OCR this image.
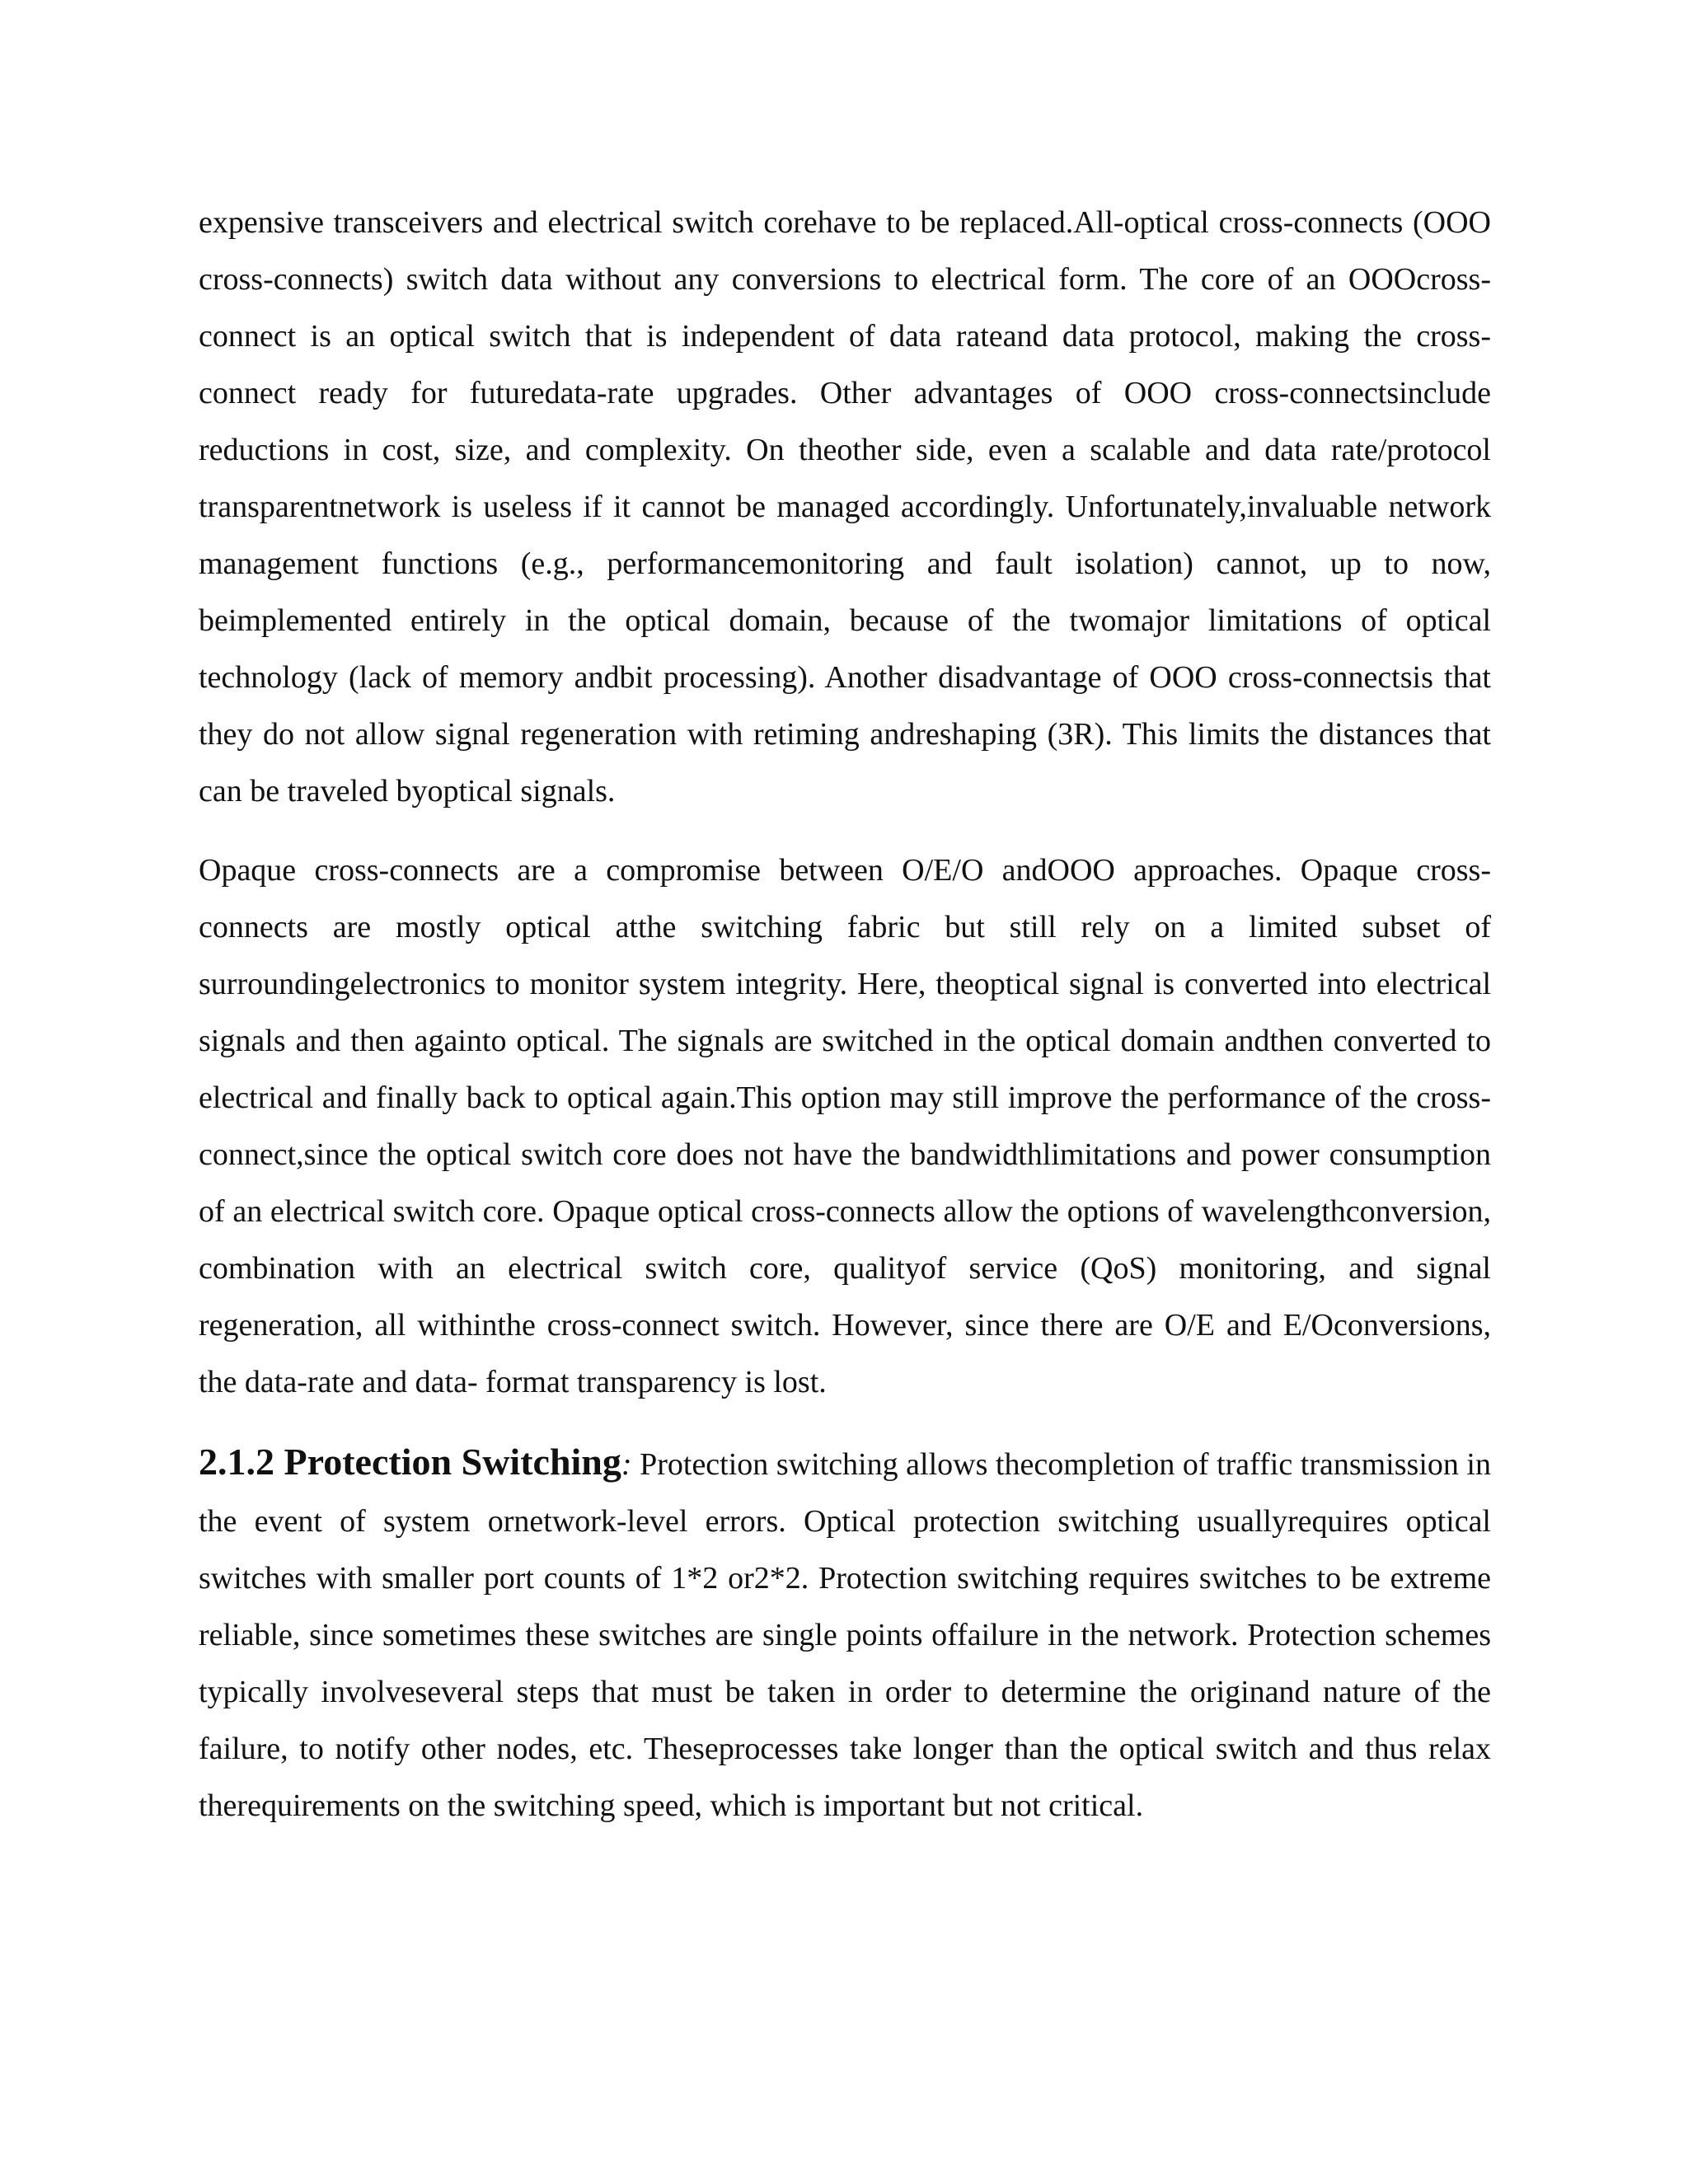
expensive transceivers and electrical switch corehave to be replaced.All-optical cross-connects (OOO cross-connects) switch data without any conversions to electrical form. The core of an OOOcross-connect is an optical switch that is independent of data rateand data protocol, making the cross-connect ready for futuredata-rate upgrades. Other advantages of OOO cross-connectsinclude reductions in cost, size, and complexity. On theother side, even a scalable and data rate/protocol transparentnetwork is useless if it cannot be managed accordingly. Unfortunately,invaluable network management functions (e.g., performancemonitoring and fault isolation) cannot, up to now, beimplemented entirely in the optical domain, because of the twomajor limitations of optical technology (lack of memory andbit processing). Another disadvantage of OOO cross-connectsis that they do not allow signal regeneration with retiming andreshaping (3R). This limits the distances that can be traveled byoptical signals.

Opaque cross-connects are a compromise between O/E/O andOOO approaches. Opaque cross-connects are mostly optical atthe switching fabric but still rely on a limited subset of surroundingelectronics to monitor system integrity. Here, theoptical signal is converted into electrical signals and then againto optical. The signals are switched in the optical domain andthen converted to electrical and finally back to optical again.This option may still improve the performance of the cross-connect,since the optical switch core does not have the bandwidthlimitations and power consumption of an electrical switch core. Opaque optical cross-connects allow the options of wavelengthconversion, combination with an electrical switch core, qualityof service (QoS) monitoring, and signal regeneration, all withinthe cross-connect switch. However, since there are O/E and E/Oconversions, the data-rate and data- format transparency is lost.

2.1.2 Protection Switching: Protection switching allows thecompletion of traffic transmission in the event of system ornetwork-level errors. Optical protection switching usuallyrequires optical switches with smaller port counts of 1*2 or2*2. Protection switching requires switches to be extreme reliable, since sometimes these switches are single points offailure in the network. Protection schemes typically involveseveral steps that must be taken in order to determine the originand nature of the failure, to notify other nodes, etc. Theseprocesses take longer than the optical switch and thus relax therequirements on the switching speed, which is important but not critical.
